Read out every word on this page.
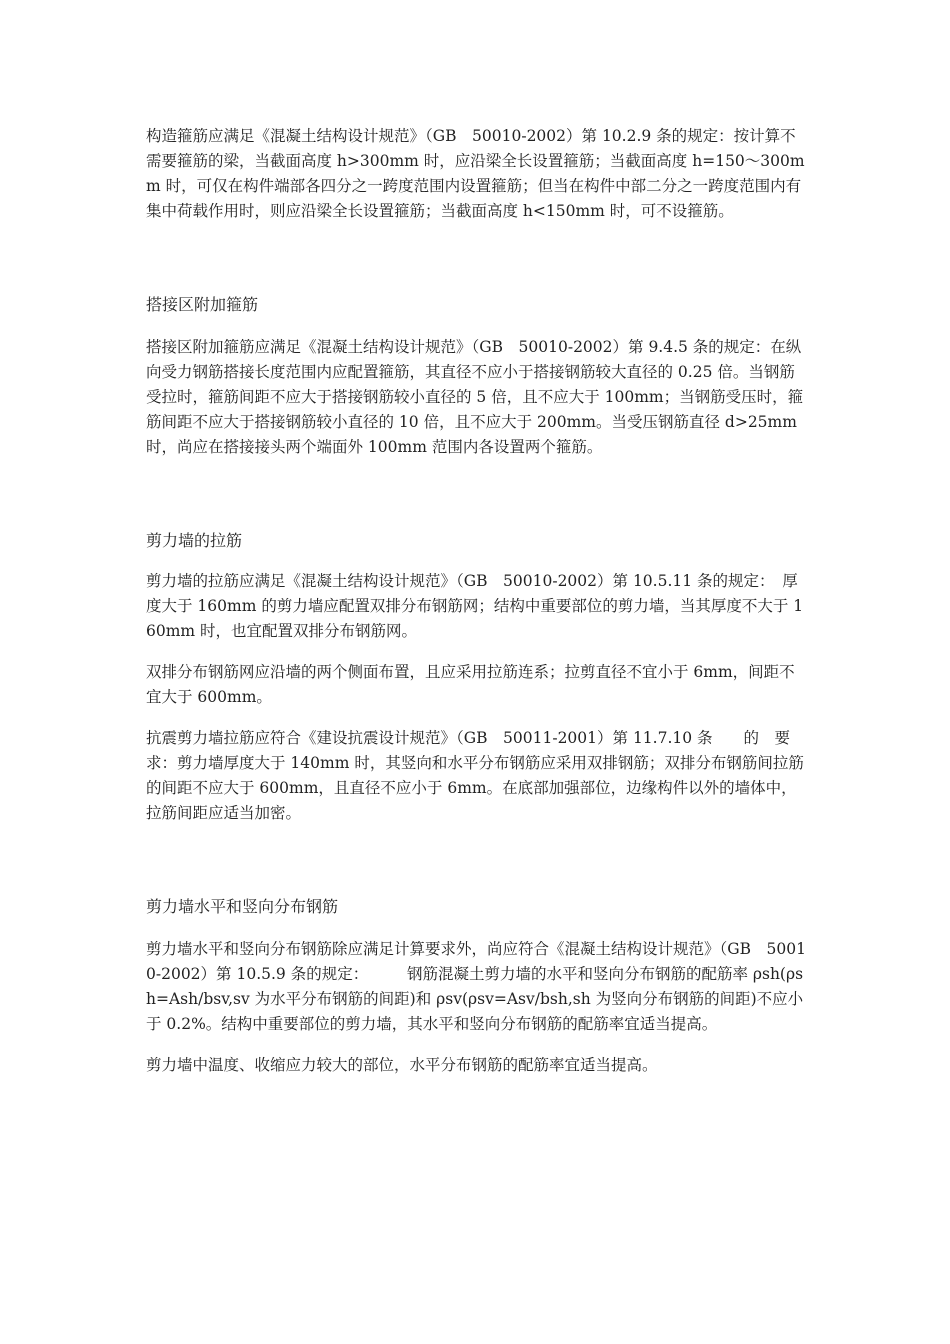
构造箍筋应满足《混凝土结构设计规范》（GB　50010-2002）第 10.2.9 条的规定：按计算不需要箍筋的梁，当截面高度 h>300mm 时，应沿梁全长设置箍筋；当截面高度 h=150～300mm 时，可仅在构件端部各四分之一跨度范围内设置箍筋；但当在构件中部二分之一跨度范围内有集中荷载作用时，则应沿梁全长设置箍筋；当截面高度 h<150mm 时，可不设箍筋。

搭接区附加箍筋

搭接区附加箍筋应满足《混凝土结构设计规范》（GB　50010-2002）第 9.4.5 条的规定：在纵向受力钢筋搭接长度范围内应配置箍筋，其直径不应小于搭接钢筋较大直径的 0.25 倍。当钢筋受拉时，箍筋间距不应大于搭接钢筋较小直径的 5 倍，且不应大于 100mm；当钢筋受压时，箍筋间距不应大于搭接钢筋较小直径的 10 倍，且不应大于 200mm。当受压钢筋直径 d>25mm 时，尚应在搭接接头两个端面外 100mm 范围内各设置两个箍筋。

剪力墙的拉筋

剪力墙的拉筋应满足《混凝土结构设计规范》（GB　50010-2002）第 10.5.11 条的规定：　厚度大于 160mm 的剪力墙应配置双排分布钢筋网；结构中重要部位的剪力墙，当其厚度不大于 160mm 时，也宜配置双排分布钢筋网。

双排分布钢筋网应沿墙的两个侧面布置，且应采用拉筋连系；拉剪直径不宜小于 6mm，间距不宜大于 600mm。

抗震剪力墙拉筋应符合《建设抗震设计规范》（GB　50011-2001）第 11.7.10 条　　的　要求：剪力墙厚度大于 140mm 时，其竖向和水平分布钢筋应采用双排钢筋；双排分布钢筋间拉筋的间距不应大于 600mm，且直径不应小于 6mm。在底部加强部位，边缘构件以外的墙体中，拉筋间距应适当加密。

剪力墙水平和竖向分布钢筋

剪力墙水平和竖向分布钢筋除应满足计算要求外，尚应符合《混凝土结构设计规范》（GB　50010-2002）第 10.5.9 条的规定：　　　钢筋混凝土剪力墙的水平和竖向分布钢筋的配筋率 ρsh(ρsh=Ash/bsv,sv 为水平分布钢筋的间距)和 ρsv(ρsv=Asv/bsh,sh 为竖向分布钢筋的间距)不应小于 0.2%。结构中重要部位的剪力墙，其水平和竖向分布钢筋的配筋率宜适当提高。

剪力墙中温度、收缩应力较大的部位，水平分布钢筋的配筋率宜适当提高。
